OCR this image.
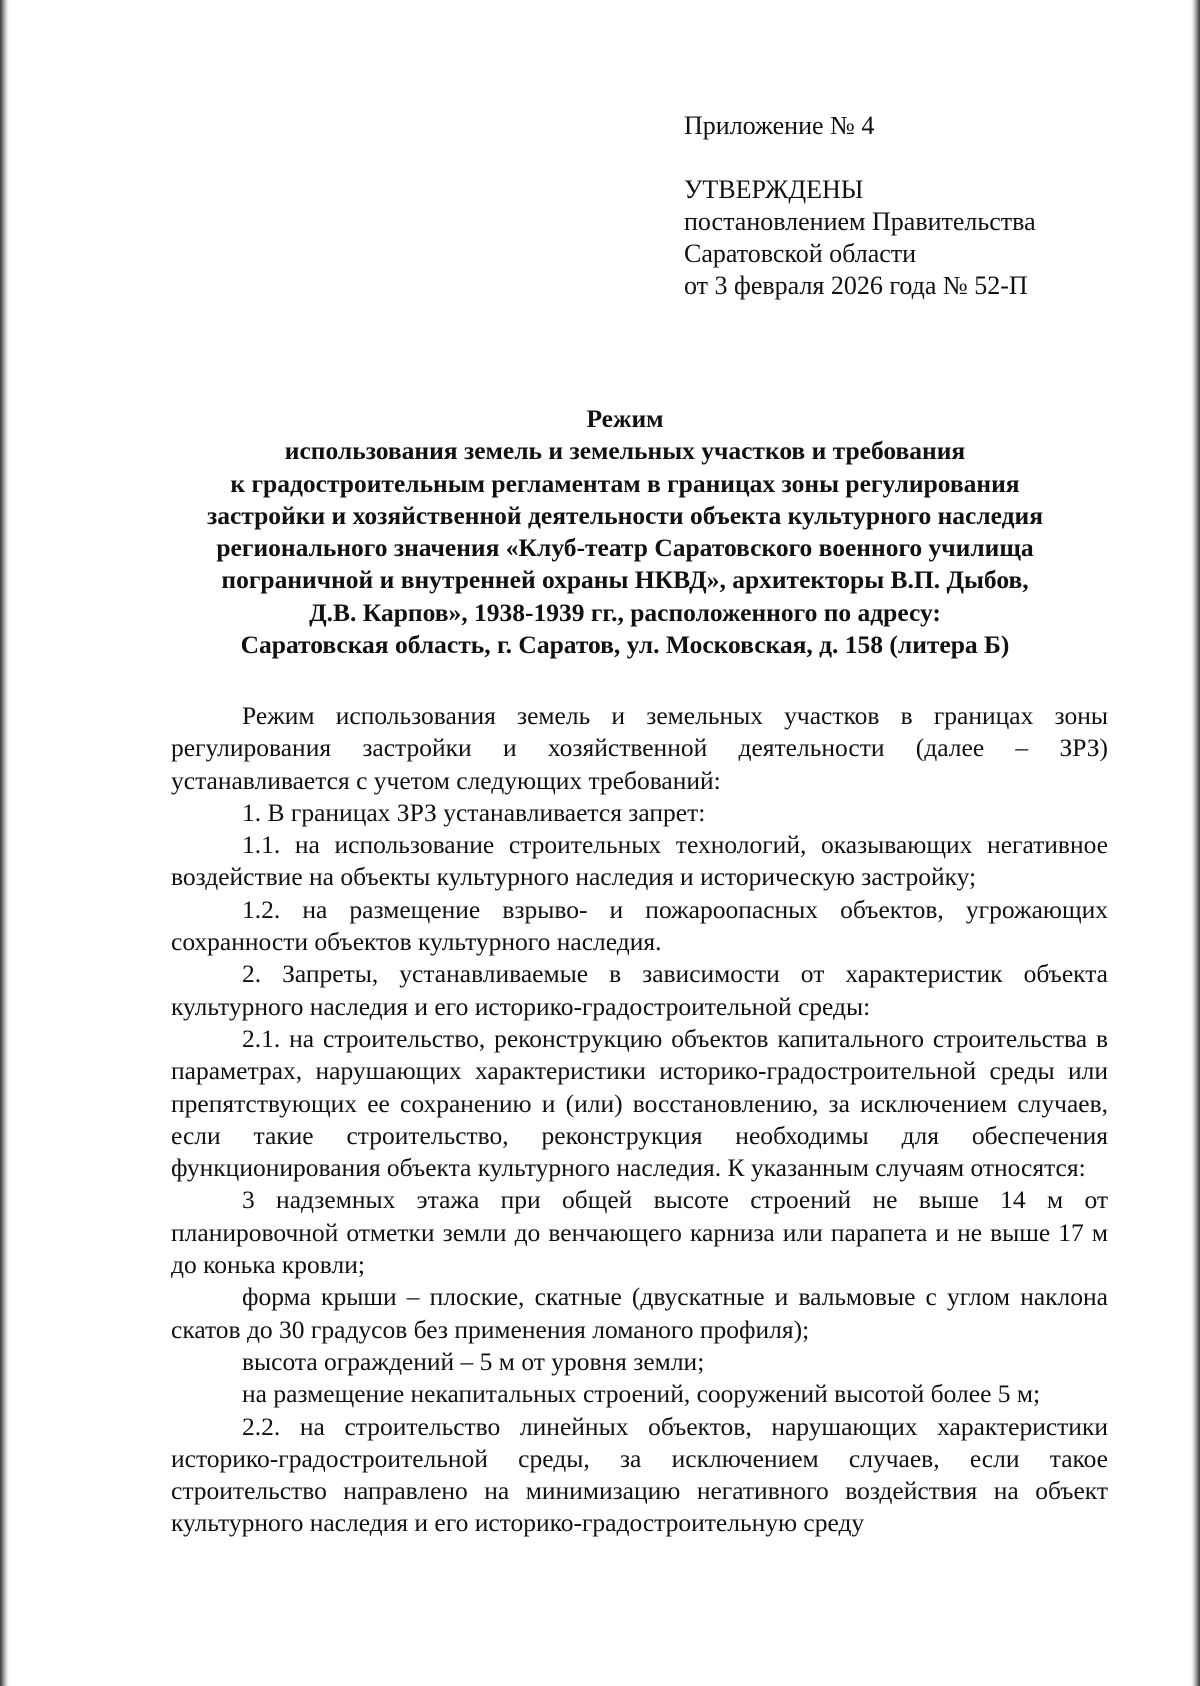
Приложение № 4
УТВЕРЖДЕНЫ
постановлением Правительства
Саратовской области
от 3 февраля 2026 года № 52-П
Режим
использования земель и земельных участков и требования
к градостроительным регламентам в границах зоны регулирования
застройки и хозяйственной деятельности объекта культурного наследия
регионального значения «Клуб-театр Саратовского военного училища
пограничной и внутренней охраны НКВД», архитекторы В.П. Дыбов,
Д.В. Карпов», 1938-1939 гг., расположенного по адресу:
Саратовская область, г. Саратов, ул. Московская, д. 158 (литера Б)

Режим использования земель и земельных участков в границах зоны регулирования застройки и хозяйственной деятельности (далее – ЗРЗ) устанавливается с учетом следующих требований:

1. В границах ЗРЗ устанавливается запрет:

1.1. на использование строительных технологий, оказывающих негативное воздействие на объекты культурного наследия и историческую застройку;

1.2. на размещение взрыво- и пожароопасных объектов, угрожающих сохранности объектов культурного наследия.

2. Запреты, устанавливаемые в зависимости от характеристик объекта культурного наследия и его историко-градостроительной среды:

2.1. на строительство, реконструкцию объектов капитального строительства в параметрах, нарушающих характеристики историко-градостроительной среды или препятствующих ее сохранению и (или) восстановлению, за исключением случаев, если такие строительство, реконструкция необходимы для обеспечения функционирования объекта культурного наследия. К указанным случаям относятся:

3 надземных этажа при общей высоте строений не выше 14 м от планировочной отметки земли до венчающего карниза или парапета и не выше 17 м до конька кровли;

форма крыши – плоские, скатные (двускатные и вальмовые с углом наклона скатов до 30 градусов без применения ломаного профиля);

высота ограждений – 5 м от уровня земли;

на размещение некапитальных строений, сооружений высотой более 5 м;

2.2. на строительство линейных объектов, нарушающих характеристики историко-градостроительной среды, за исключением случаев, если такое строительство направлено на минимизацию негативного воздействия на объект культурного наследия и его историко-градостроительную среду
